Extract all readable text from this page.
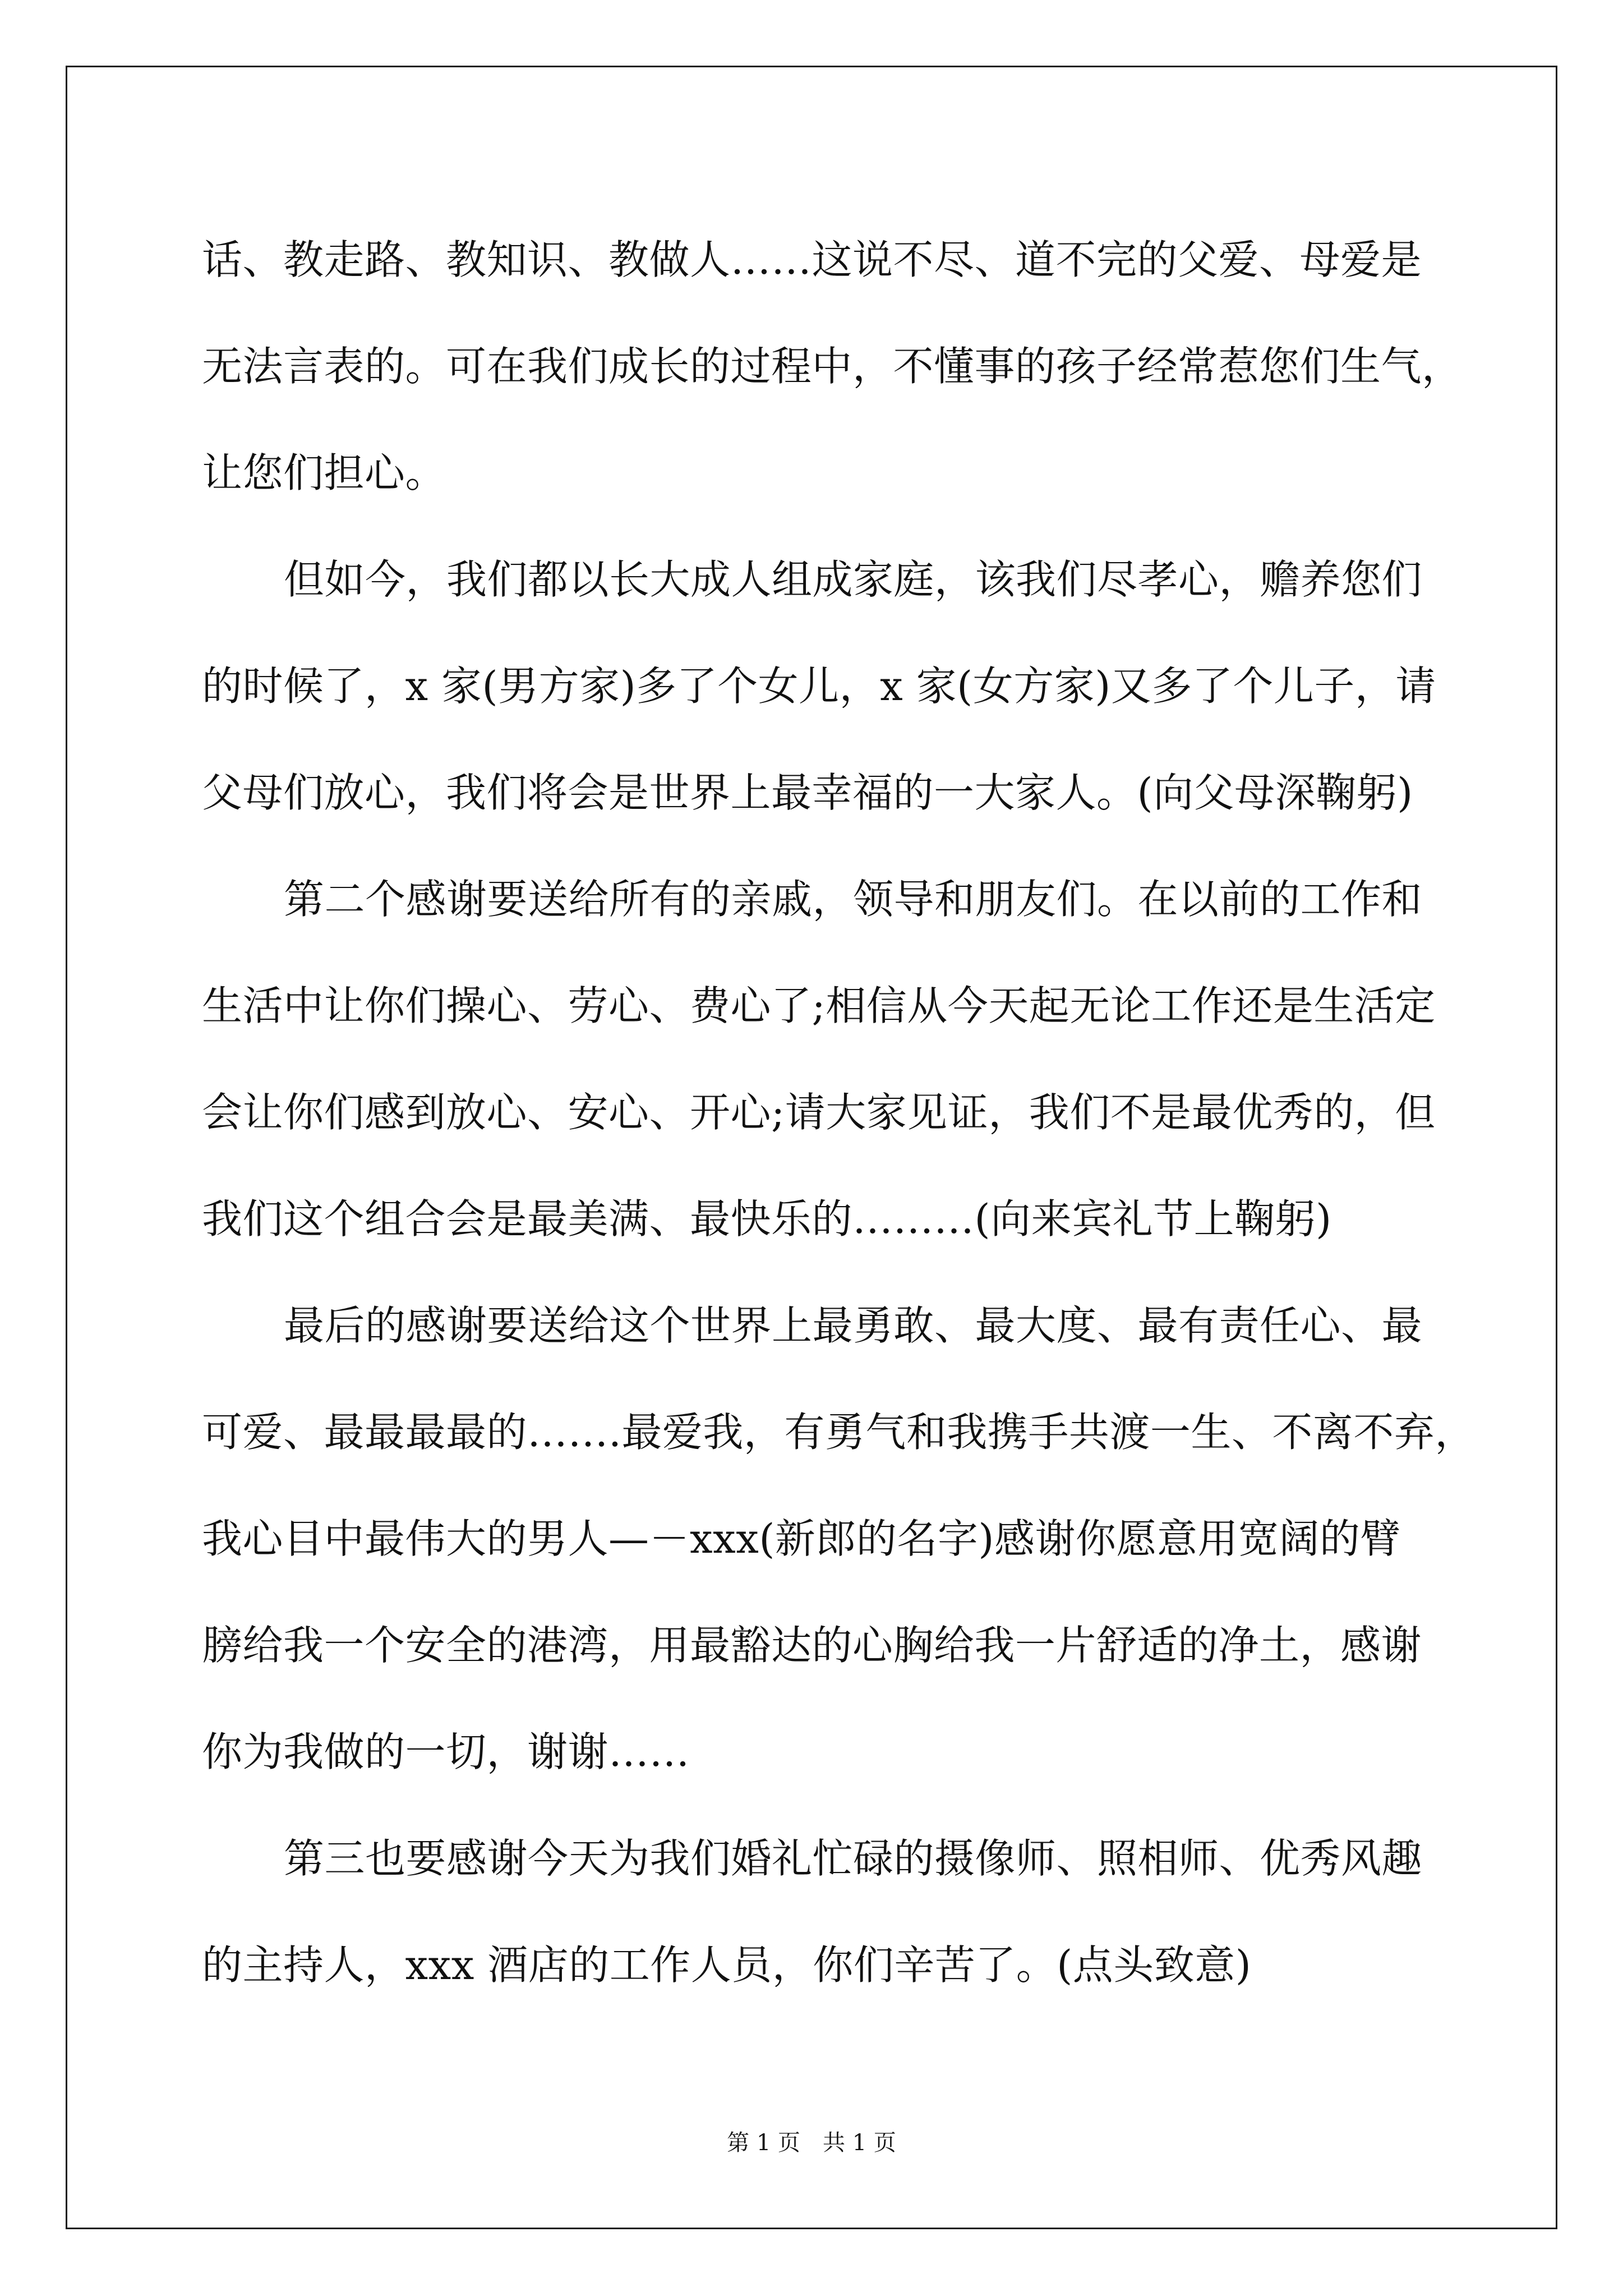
话、教走路、教知识、教做人……这说不尽、道不完的父爱、母爱是
无法言表的。可在我们成长的过程中，不懂事的孩子经常惹您们生气，
让您们担心。
但如今，我们都以长大成人组成家庭，该我们尽孝心，赡养您们
的时候了，x 家(男方家)多了个女儿，x 家(女方家)又多了个儿子，请
父母们放心，我们将会是世界上最幸福的一大家人。(向父母深鞠躬)
第二个感谢要送给所有的亲戚，领导和朋友们。在以前的工作和
生活中让你们操心、劳心、费心了;相信从今天起无论工作还是生活定
会让你们感到放心、安心、开心;请大家见证，我们不是最优秀的，但
我们这个组合会是最美满、最快乐的………(向来宾礼节上鞠躬)
最后的感谢要送给这个世界上最勇敢、最大度、最有责任心、最
可爱、最最最最的…….最爱我，有勇气和我携手共渡一生、不离不弃，
我心目中最伟大的男人—－xxx(新郎的名字)感谢你愿意用宽阔的臂
膀给我一个安全的港湾，用最豁达的心胸给我一片舒适的净土，感谢
你为我做的一切，谢谢……
第三也要感谢今天为我们婚礼忙碌的摄像师、照相师、优秀风趣
的主持人，xxx 酒店的工作人员，你们辛苦了。(点头致意)
第 1 页　共 1 页
